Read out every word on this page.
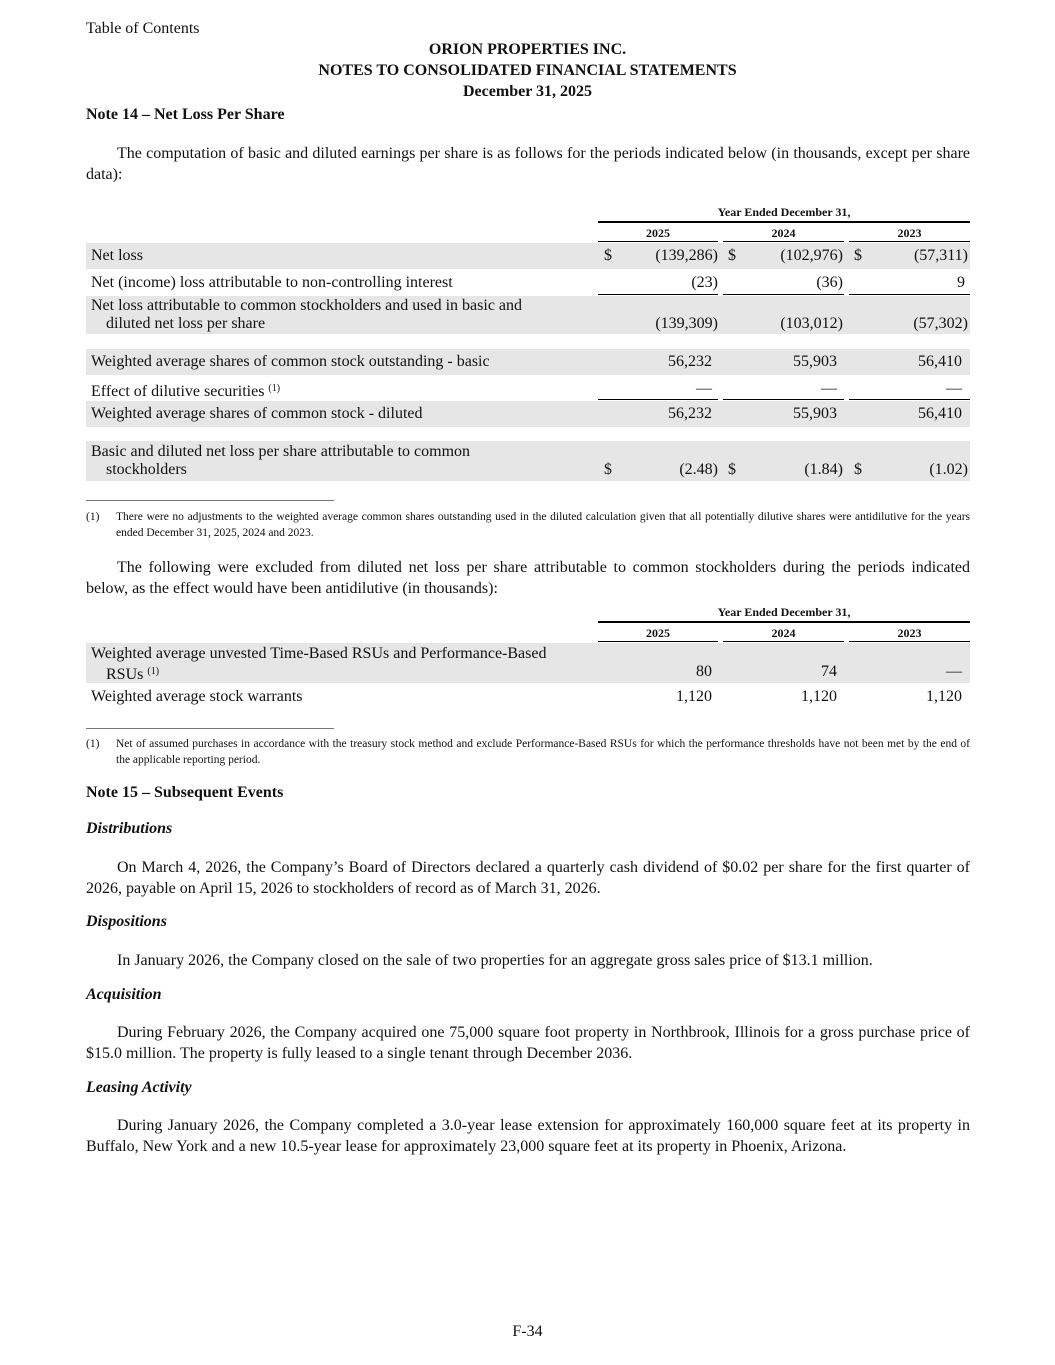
Table of Contents
ORION PROPERTIES INC.
NOTES TO CONSOLIDATED FINANCIAL STATEMENTS
December 31, 2025
Note 14 – Net Loss Per Share
The computation of basic and diluted earnings per share is as follows for the periods indicated below (in thousands, except per share data):
Year Ended December 31,
2025	2024	2023
Net loss	$	(139,286) $	(102,976) $	(57,311)
Net (income) loss attributable to non-controlling interest	(23)	(36)	9
Net loss attributable to common stockholders and used in basic and
diluted net loss per share	(139,309)	(103,012)	(57,302)
Weighted average shares of common stock outstanding - basic	56,232	55,903	56,410
Effect of dilutive securities $^{(1)}$	—	—	—
Weighted average shares of common stock - diluted	56,232	55,903	56,410
Basic and diluted net loss per share attributable to common
stockholders	$	(2.48) $	(1.84) $	(1.02)
(1)	There were no adjustments to the weighted average common shares outstanding used in the diluted calculation given that all potentially dilutive shares were antidilutive for the years ended December 31, 2025, 2024 and 2023.
The following were excluded from diluted net loss per share attributable to common stockholders during the periods indicated below, as the effect would have been antidilutive (in thousands):
Year Ended December 31,
2025	2024	2023
Weighted average unvested Time-Based RSUs and Performance-Based
RSUs $^{(1)}$	80	74	—
Weighted average stock warrants	1,120	1,120	1,120
(1)	Net of assumed purchases in accordance with the treasury stock method and exclude Performance-Based RSUs for which the performance thresholds have not been met by the end of the applicable reporting period.
Note 15 – Subsequent Events
Distributions
On March 4, 2026, the Company’s Board of Directors declared a quarterly cash dividend of $0.02 per share for the first quarter of 2026, payable on April 15, 2026 to stockholders of record as of March 31, 2026.
Dispositions
In January 2026, the Company closed on the sale of two properties for an aggregate gross sales price of $13.1 million.
Acquisition
During February 2026, the Company acquired one 75,000 square foot property in Northbrook, Illinois for a gross purchase price of $15.0 million. The property is fully leased to a single tenant through December 2036.
Leasing Activity
During January 2026, the Company completed a 3.0-year lease extension for approximately 160,000 square feet at its property in Buffalo, New York and a new 10.5-year lease for approximately 23,000 square feet at its property in Phoenix, Arizona.
F-34
